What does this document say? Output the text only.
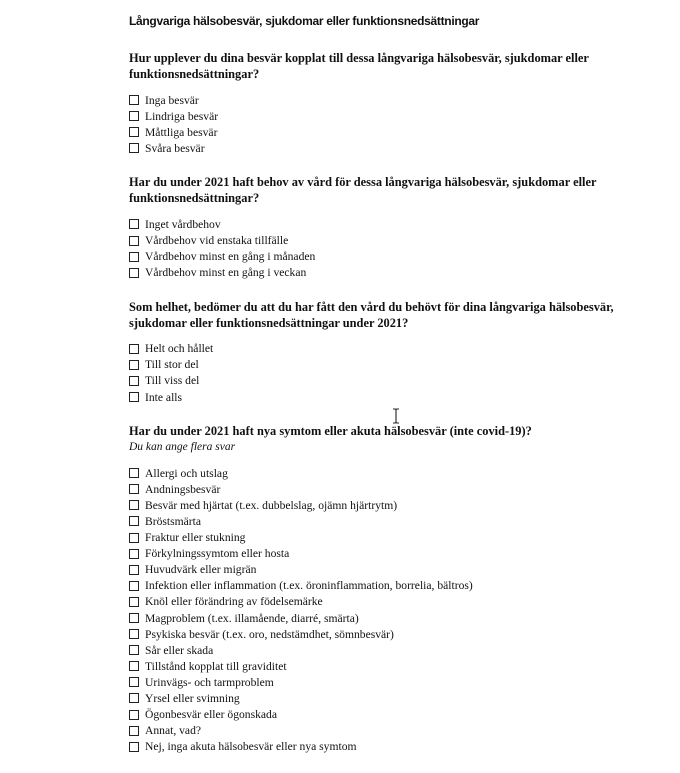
Långvariga hälsobesvär, sjukdomar eller funktionsnedsättningar

Hur upplever du dina besvär kopplat till dessa långvariga hälsobesvär, sjukdomar eller funktionsnedsättningar?

Inga besvär
Lindriga besvär
Måttliga besvär
Svåra besvär

Har du under 2021 haft behov av vård för dessa långvariga hälsobesvär, sjukdomar eller funktionsnedsättningar?

Inget vårdbehov
Vårdbehov vid enstaka tillfälle
Vårdbehov minst en gång i månaden
Vårdbehov minst en gång i veckan

Som helhet, bedömer du att du har fått den vård du behövt för dina långvariga hälsobesvär, sjukdomar eller funktionsnedsättningar under 2021?

Helt och hållet
Till stor del
Till viss del
Inte alls

Har du under 2021 haft nya symtom eller akuta hälsobesvär (inte covid-19)?

Du kan ange flera svar

Allergi och utslag
Andningsbesvär
Besvär med hjärtat (t.ex. dubbelslag, ojämn hjärtrytm)
Bröstsmärta
Fraktur eller stukning
Förkylningssymtom eller hosta
Huvudvärk eller migrän
Infektion eller inflammation (t.ex. öroninflammation, borrelia, bältros)
Knöl eller förändring av födelsemärke
Magproblem (t.ex. illamående, diarré, smärta)
Psykiska besvär (t.ex. oro, nedstämdhet, sömnbesvär)
Sår eller skada
Tillstånd kopplat till graviditet
Urinvägs- och tarmproblem
Yrsel eller svimning
Ögonbesvär eller ögonskada
Annat, vad?
Nej, inga akuta hälsobesvär eller nya symtom
